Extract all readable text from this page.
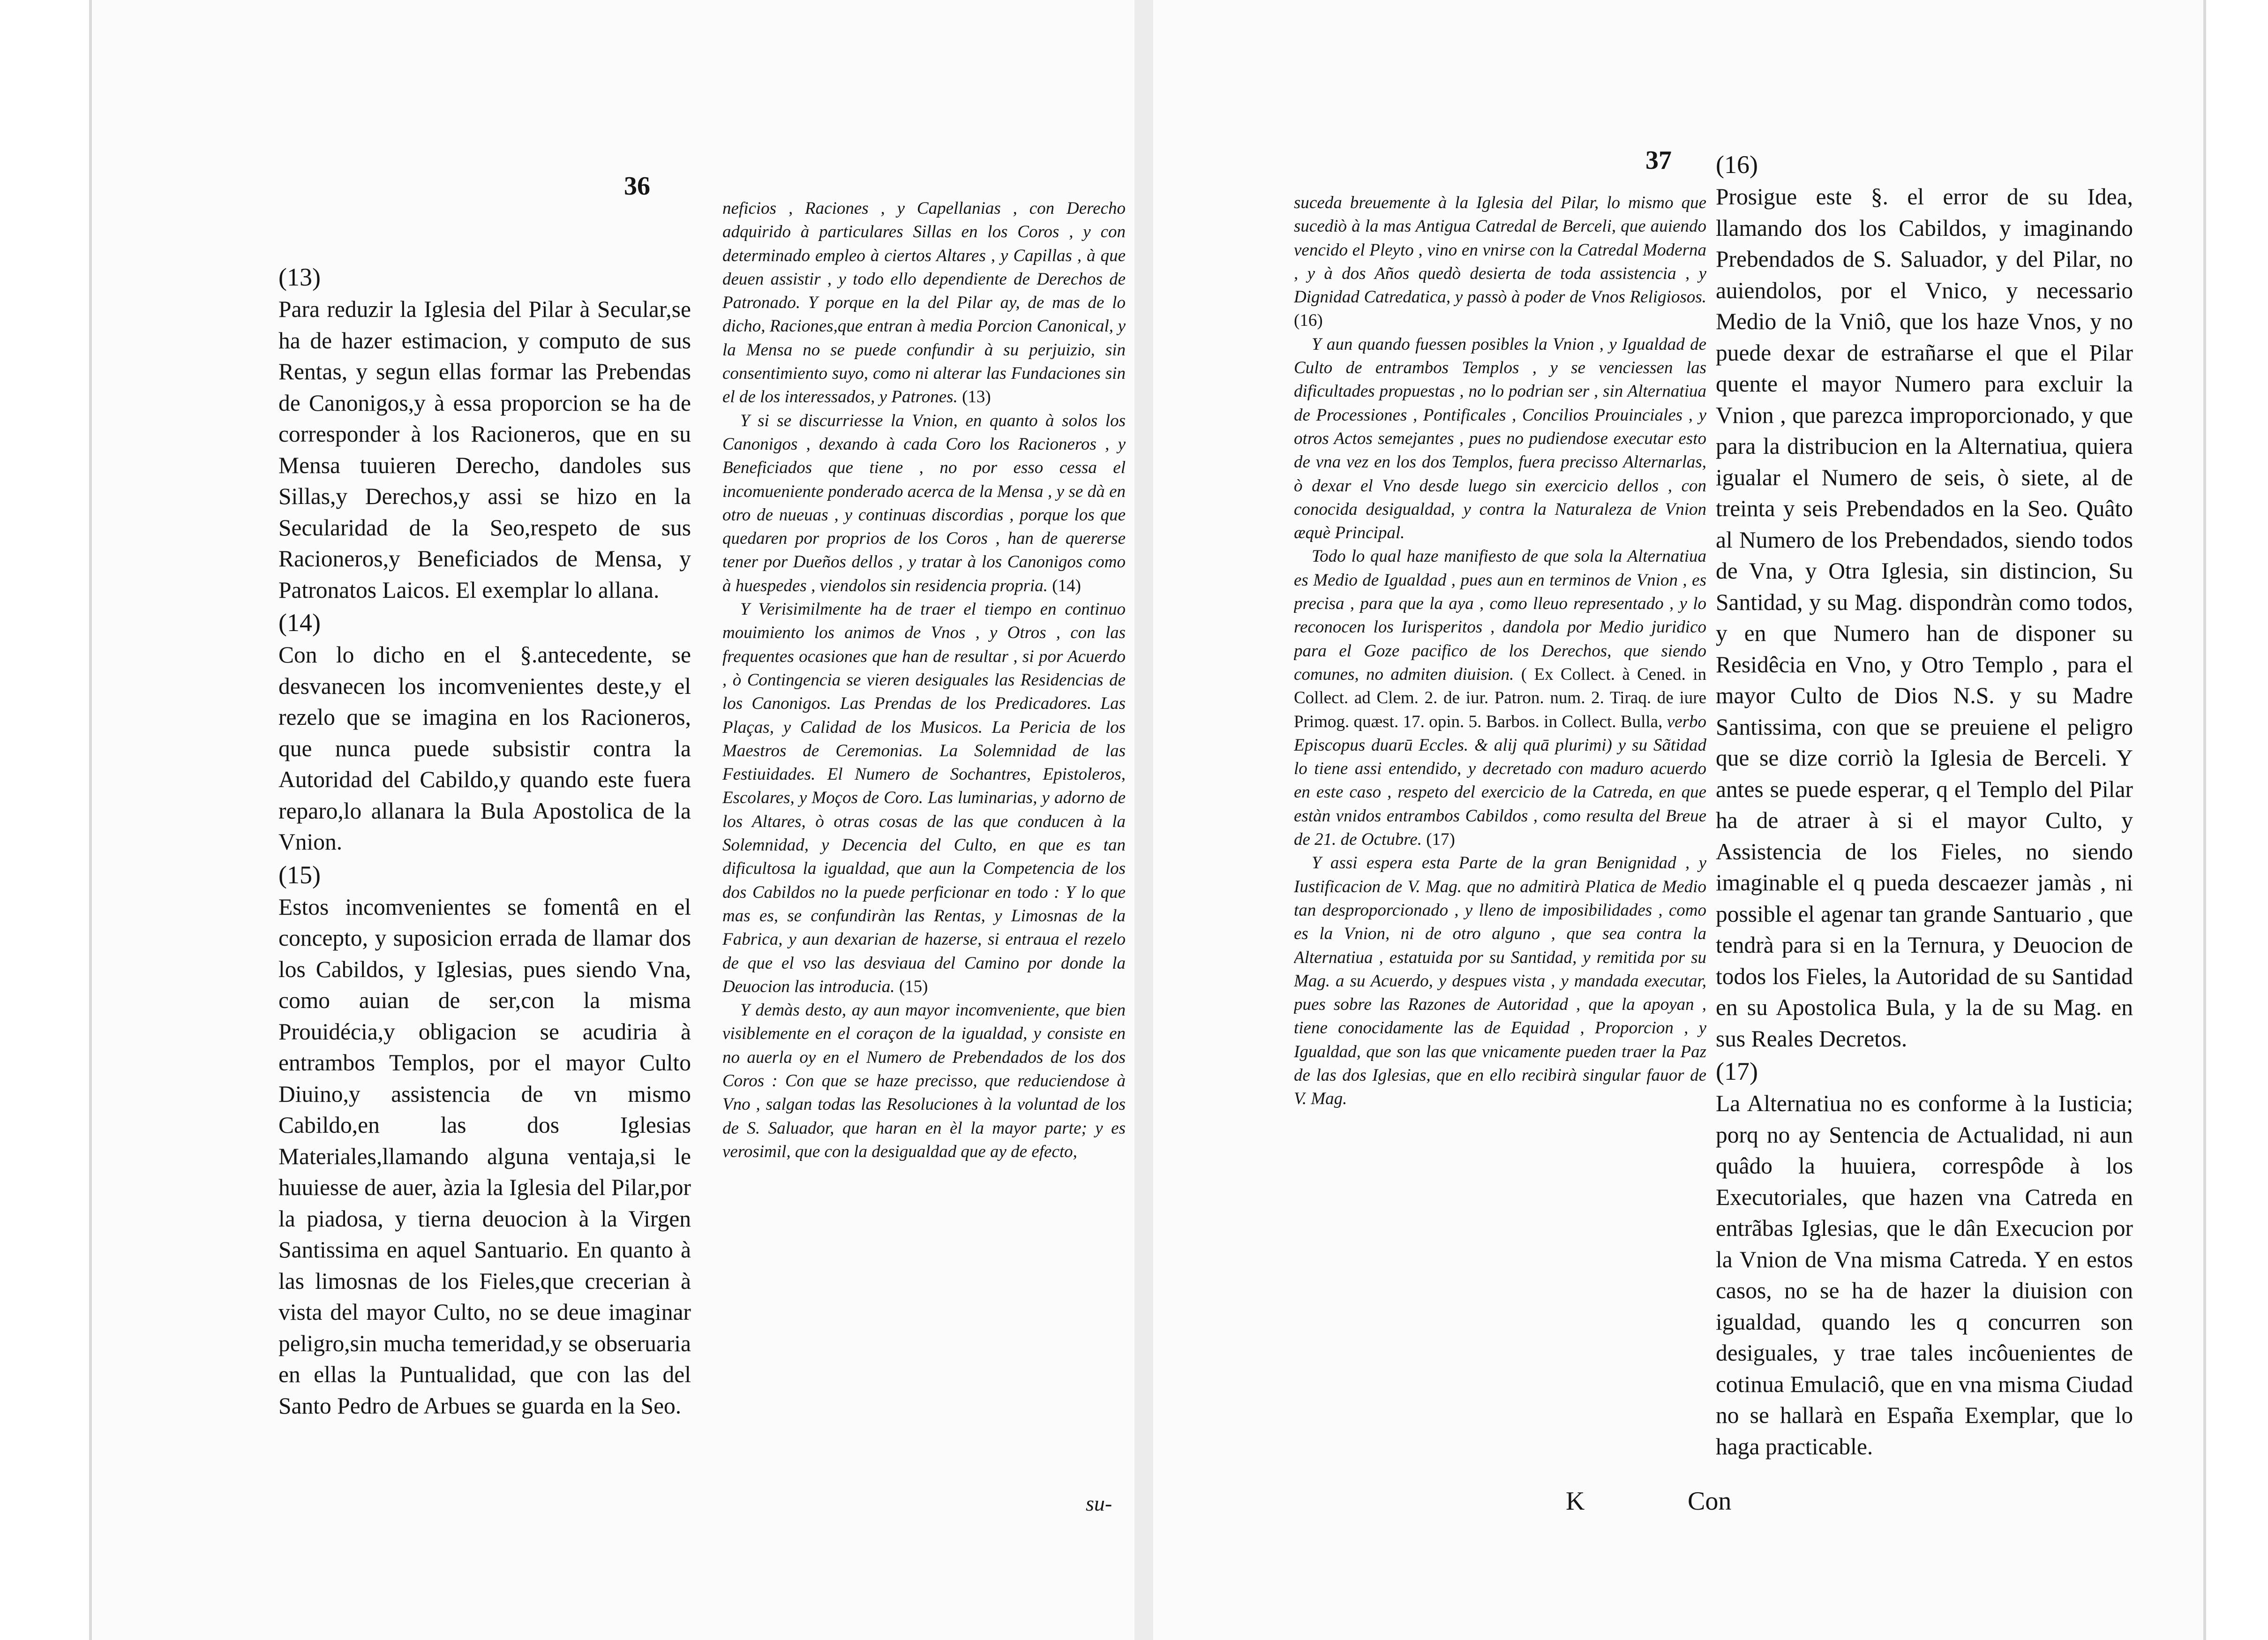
36

(13)

Para reduzir la Iglesia del Pilar à Secular,se ha de hazer estimacion, y computo de sus Rentas, y segun ellas formar las Prebendas de Canonigos,y à essa proporcion se ha de corresponder à los Racioneros, que en su Mensa tuuieren Derecho, dandoles sus Sillas,y Derechos,y assi se hizo en la Secularidad de la Seo,respeto de sus Racioneros,y Beneficiados de Mensa, y Patronatos Laicos. El exemplar lo allana.

(14)

Con lo dicho en el §.antecedente, se desvanecen los incomvenientes deste,y el rezelo que se imagina en los Racioneros, que nunca puede subsistir contra la Autoridad del Cabildo,y quando este fuera reparo,lo allanara la Bula Apostolica de la Vnion.

(15)

Estos incomvenientes se fomentâ en el concepto, y suposicion errada de llamar dos los Cabildos, y Iglesias, pues siendo Vna, como auian de ser,con la misma Prouidécia,y obligacion se acudiria à entrambos Templos, por el mayor Culto Diuino,y assistencia de vn mismo Cabildo,en las dos Iglesias Materiales,llamando alguna ventaja,si le huuiesse de auer, àzia la Iglesia del Pilar,por la piadosa, y tierna deuocion à la Virgen Santissima en aquel Santuario. En quanto à las limosnas de los Fieles,que crecerian à vista del mayor Culto, no se deue imaginar peligro,sin mucha temeridad,y se obseruaria en ellas la Puntualidad, que con las del Santo Pedro de Arbues se guarda en la Seo.

neficios , Raciones , y Capellanias , con Derecho adquirido à particulares Sillas en los Coros , y con determinado empleo à ciertos Altares , y Capillas , à que deuen assistir , y todo ello dependiente de Derechos de Patronado. Y porque en la del Pilar ay, de mas de lo dicho, Raciones,que entran à media Porcion Canonical, y la Mensa no se puede confundir à su perjuizio, sin consentimiento suyo, como ni alterar las Fundaciones sin el de los interessados, y Patrones. (13)

Y si se discurriesse la Vnion, en quanto à solos los Canonigos , dexando à cada Coro los Racioneros , y Beneficiados que tiene , no por esso cessa el incomueniente ponderado acerca de la Mensa , y se dà en otro de nueuas , y continuas discordias , porque los que quedaren por proprios de los Coros , han de quererse tener por Dueños dellos , y tratar à los Canonigos como à huespedes , viendolos sin residencia propria. (14)

Y Verisimilmente ha de traer el tiempo en continuo mouimiento los animos de Vnos , y Otros , con las frequentes ocasiones que han de resultar , si por Acuerdo , ò Contingencia se vieren desiguales las Residencias de los Canonigos. Las Prendas de los Predicadores. Las Plaças, y Calidad de los Musicos. La Pericia de los Maestros de Ceremonias. La Solemnidad de las Festiuidades. El Numero de Sochantres, Epistoleros, Escolares, y Moços de Coro. Las luminarias, y adorno de los Altares, ò otras cosas de las que conducen à la Solemnidad, y Decencia del Culto, en que es tan dificultosa la igualdad, que aun la Competencia de los dos Cabildos no la puede perficionar en todo : Y lo que mas es, se confundiràn las Rentas, y Limosnas de la Fabrica, y aun dexarian de hazerse, si entraua el rezelo de que el vso las desviaua del Camino por donde la Deuocion las introducia. (15)

Y demàs desto, ay aun mayor incomveniente, que bien visiblemente en el coraçon de la igualdad, y consiste en no auerla oy en el Numero de Prebendados de los dos Coros : Con que se haze precisso, que reduciendose à Vno , salgan todas las Resoluciones à la voluntad de los de S. Saluador, que haran en èl la mayor parte; y es verosimil, que con la desigualdad que ay de efecto,

su-
37

suceda breuemente à la Iglesia del Pilar, lo mismo que sucediò à la mas Antigua Catredal de Berceli, que auiendo vencido el Pleyto , vino en vnirse con la Catredal Moderna , y à dos Años quedò desierta de toda assistencia , y Dignidad Catredatica, y passò à poder de Vnos Religiosos. (16)

Y aun quando fuessen posibles la Vnion , y Igualdad de Culto de entrambos Templos , y se venciessen las dificultades propuestas , no lo podrian ser , sin Alternatiua de Processiones , Pontificales , Concilios Prouinciales , y otros Actos semejantes , pues no pudiendose executar esto de vna vez en los dos Templos, fuera precisso Alternarlas, ò dexar el Vno desde luego sin exercicio dellos , con conocida desigualdad, y contra la Naturaleza de Vnion æquè Principal.

Todo lo qual haze manifiesto de que sola la Alternatiua es Medio de Igualdad , pues aun en terminos de Vnion , es precisa , para que la aya , como lleuo representado , y lo reconocen los Iurisperitos , dandola por Medio juridico para el Goze pacifico de los Derechos, que siendo comunes, no admiten diuision. ( Ex Collect. à Cened. in Collect. ad Clem. 2. de iur. Patron. num. 2. Tiraq. de iure Primog. quæst. 17. opin. 5. Barbos. in Collect. Bulla, verbo Episcopus duarū Eccles. & alij quā plurimi) y su Sãtidad lo tiene assi entendido, y decretado con maduro acuerdo en este caso , respeto del exercicio de la Catreda, en que estàn vnidos entrambos Cabildos , como resulta del Breue de 21. de Octubre. (17)

Y assi espera esta Parte de la gran Benignidad , y Iustificacion de V. Mag. que no admitirà Platica de Medio tan desproporcionado , y lleno de imposibilidades , como es la Vnion, ni de otro alguno , que sea contra la Alternatiua , estatuida por su Santidad, y remitida por su Mag. a su Acuerdo, y despues vista , y mandada executar, pues sobre las Razones de Autoridad , que la apoyan , tiene conocidamente las de Equidad , Proporcion , y Igualdad, que son las que vnicamente pueden traer la Paz de las dos Iglesias, que en ello recibirà singular fauor de V. Mag.

(16)

Prosigue este §. el error de su Idea, llamando dos los Cabildos, y imaginando Prebendados de S. Saluador, y del Pilar, no auiendolos, por el Vnico, y necessario Medio de la Vniô, que los haze Vnos, y no puede dexar de estrañarse el que el Pilar quente el mayor Numero para excluir la Vnion , que parezca improporcionado, y que para la distribucion en la Alternatiua, quiera igualar el Numero de seis, ò siete, al de treinta y seis Prebendados en la Seo. Quâto al Numero de los Prebendados, siendo todos de Vna, y Otra Iglesia, sin distincion, Su Santidad, y su Mag. dispondràn como todos, y en que Numero han de disponer su Residêcia en Vno, y Otro Templo , para el mayor Culto de Dios N.S. y su Madre Santissima, con que se preuiene el peligro que se dize corriò la Iglesia de Berceli. Y antes se puede esperar, q el Templo del Pilar ha de atraer à si el mayor Culto, y Assistencia de los Fieles, no siendo imaginable el q pueda descaezer jamàs , ni possible el agenar tan grande Santuario , que tendrà para si en la Ternura, y Deuocion de todos los Fieles, la Autoridad de su Santidad en su Apostolica Bula, y la de su Mag. en sus Reales Decretos.

(17)

La Alternatiua no es conforme à la Iusticia; porq no ay Sentencia de Actualidad, ni aun quâdo la huuiera, correspôde à los Executoriales, que hazen vna Catreda en entrãbas Iglesias, que le dân Execucion por la Vnion de Vna misma Catreda. Y en estos casos, no se ha de hazer la diuision con igualdad, quando les q concurren son desiguales, y trae tales incôuenientes de cotinua Emulaciô, que en vna misma Ciudad no se hallarà en España Exemplar, que lo haga practicable.

K	Con
